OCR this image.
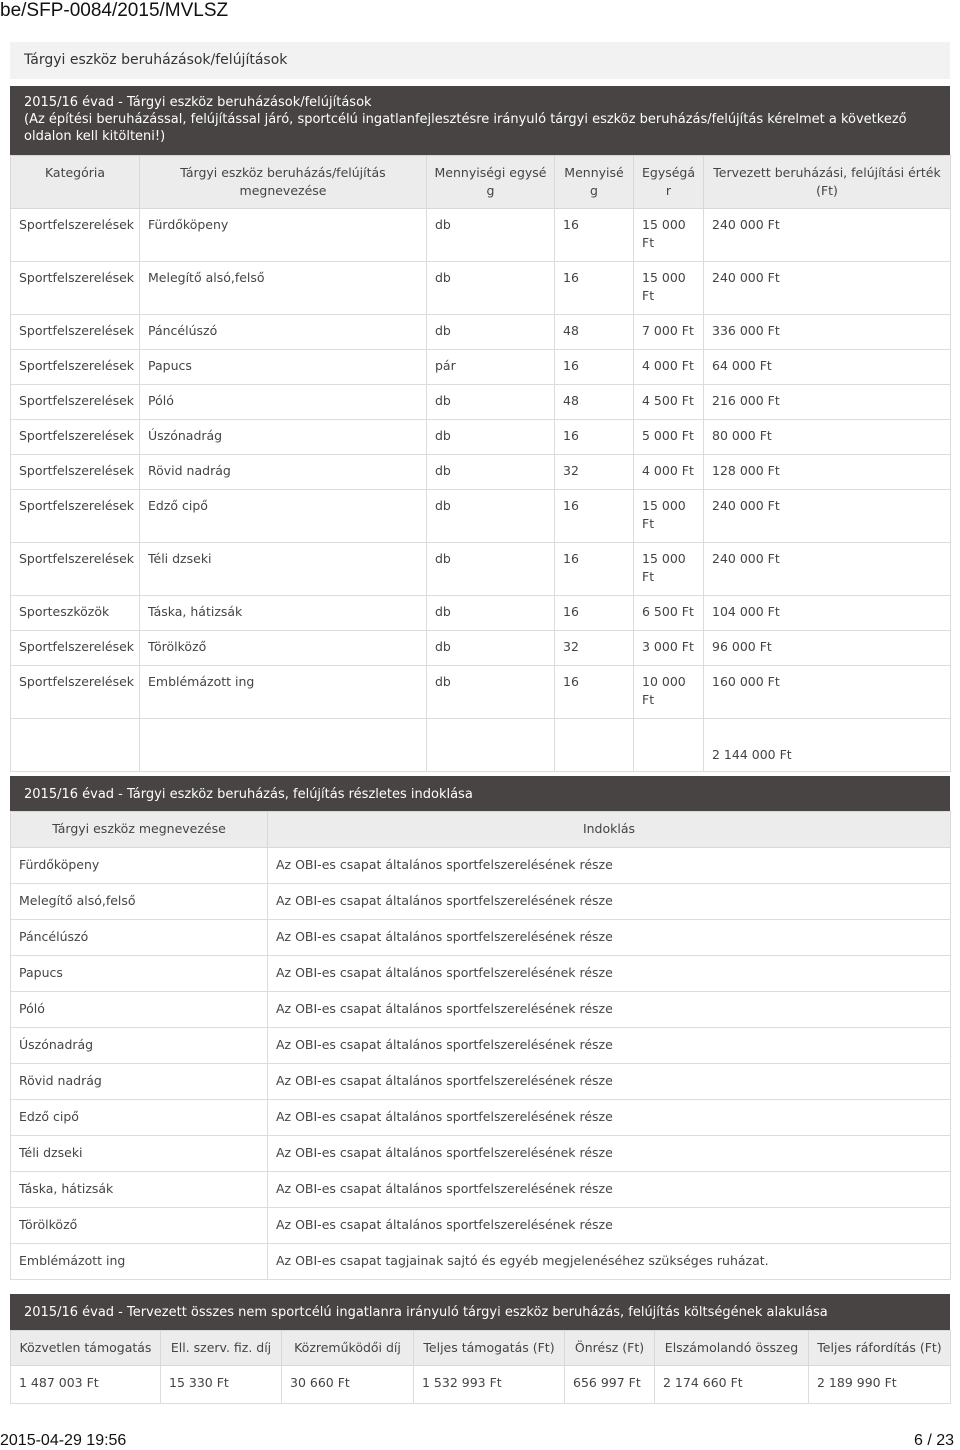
be/SFP-0084/2015/MVLSZ
Tárgyi eszköz beruházások/felújítások
2015/16 évad - Tárgyi eszköz beruházások/felújítások
(Az építési beruházással, felújítással járó, sportcélú ingatlanfejlesztésre irányuló tárgyi eszköz beruházás/felújítás kérelmet a következő oldalon kell kitölteni!)
Kategória	Tárgyi eszköz beruházás/felújítás megnevezése	Mennyiségi egysé g	Mennyisé g	Egységá r	Tervezett beruházási, felújítási érték (Ft)
Sportfelszerelések	Fürdőköpeny	db	16	15 000 Ft	240 000 Ft
Sportfelszerelések	Melegítő alsó,felső	db	16	15 000 Ft	240 000 Ft
Sportfelszerelések	Páncélúszó	db	48	7 000 Ft	336 000 Ft
Sportfelszerelések	Papucs	pár	16	4 000 Ft	64 000 Ft
Sportfelszerelések	Póló	db	48	4 500 Ft	216 000 Ft
Sportfelszerelések	Úszónadrág	db	16	5 000 Ft	80 000 Ft
Sportfelszerelések	Rövid nadrág	db	32	4 000 Ft	128 000 Ft
Sportfelszerelések	Edző cipő	db	16	15 000 Ft	240 000 Ft
Sportfelszerelések	Téli dzseki	db	16	15 000 Ft	240 000 Ft
Sporteszközök	Táska, hátizsák	db	16	6 500 Ft	104 000 Ft
Sportfelszerelések	Törölköző	db	32	3 000 Ft	96 000 Ft
Sportfelszerelések	Emblémázott ing	db	16	10 000 Ft	160 000 Ft
					2 144 000 Ft
2015/16 évad - Tárgyi eszköz beruházás, felújítás részletes indoklása
Tárgyi eszköz megnevezése	Indoklás
Fürdőköpeny	Az OBI-es csapat általános sportfelszerelésének része
Melegítő alsó,felső	Az OBI-es csapat általános sportfelszerelésének része
Páncélúszó	Az OBI-es csapat általános sportfelszerelésének része
Papucs	Az OBI-es csapat általános sportfelszerelésének része
Póló	Az OBI-es csapat általános sportfelszerelésének része
Úszónadrág	Az OBI-es csapat általános sportfelszerelésének része
Rövid nadrág	Az OBI-es csapat általános sportfelszerelésének része
Edző cipő	Az OBI-es csapat általános sportfelszerelésének része
Téli dzseki	Az OBI-es csapat általános sportfelszerelésének része
Táska, hátizsák	Az OBI-es csapat általános sportfelszerelésének része
Törölköző	Az OBI-es csapat általános sportfelszerelésének része
Emblémázott ing	Az OBI-es csapat tagjainak sajtó és egyéb megjelenéséhez szükséges ruházat.
2015/16 évad - Tervezett összes nem sportcélú ingatlanra irányuló tárgyi eszköz beruházás, felújítás költségének alakulása
Közvetlen támogatás	Ell. szerv. fiz. díj	Közreműködői díj	Teljes támogatás (Ft)	Önrész (Ft)	Elszámolandó összeg	Teljes ráfordítás (Ft)
1 487 003 Ft	15 330 Ft	30 660 Ft	1 532 993 Ft	656 997 Ft	2 174 660 Ft	2 189 990 Ft
2015-04-29 19:56	6 / 23
